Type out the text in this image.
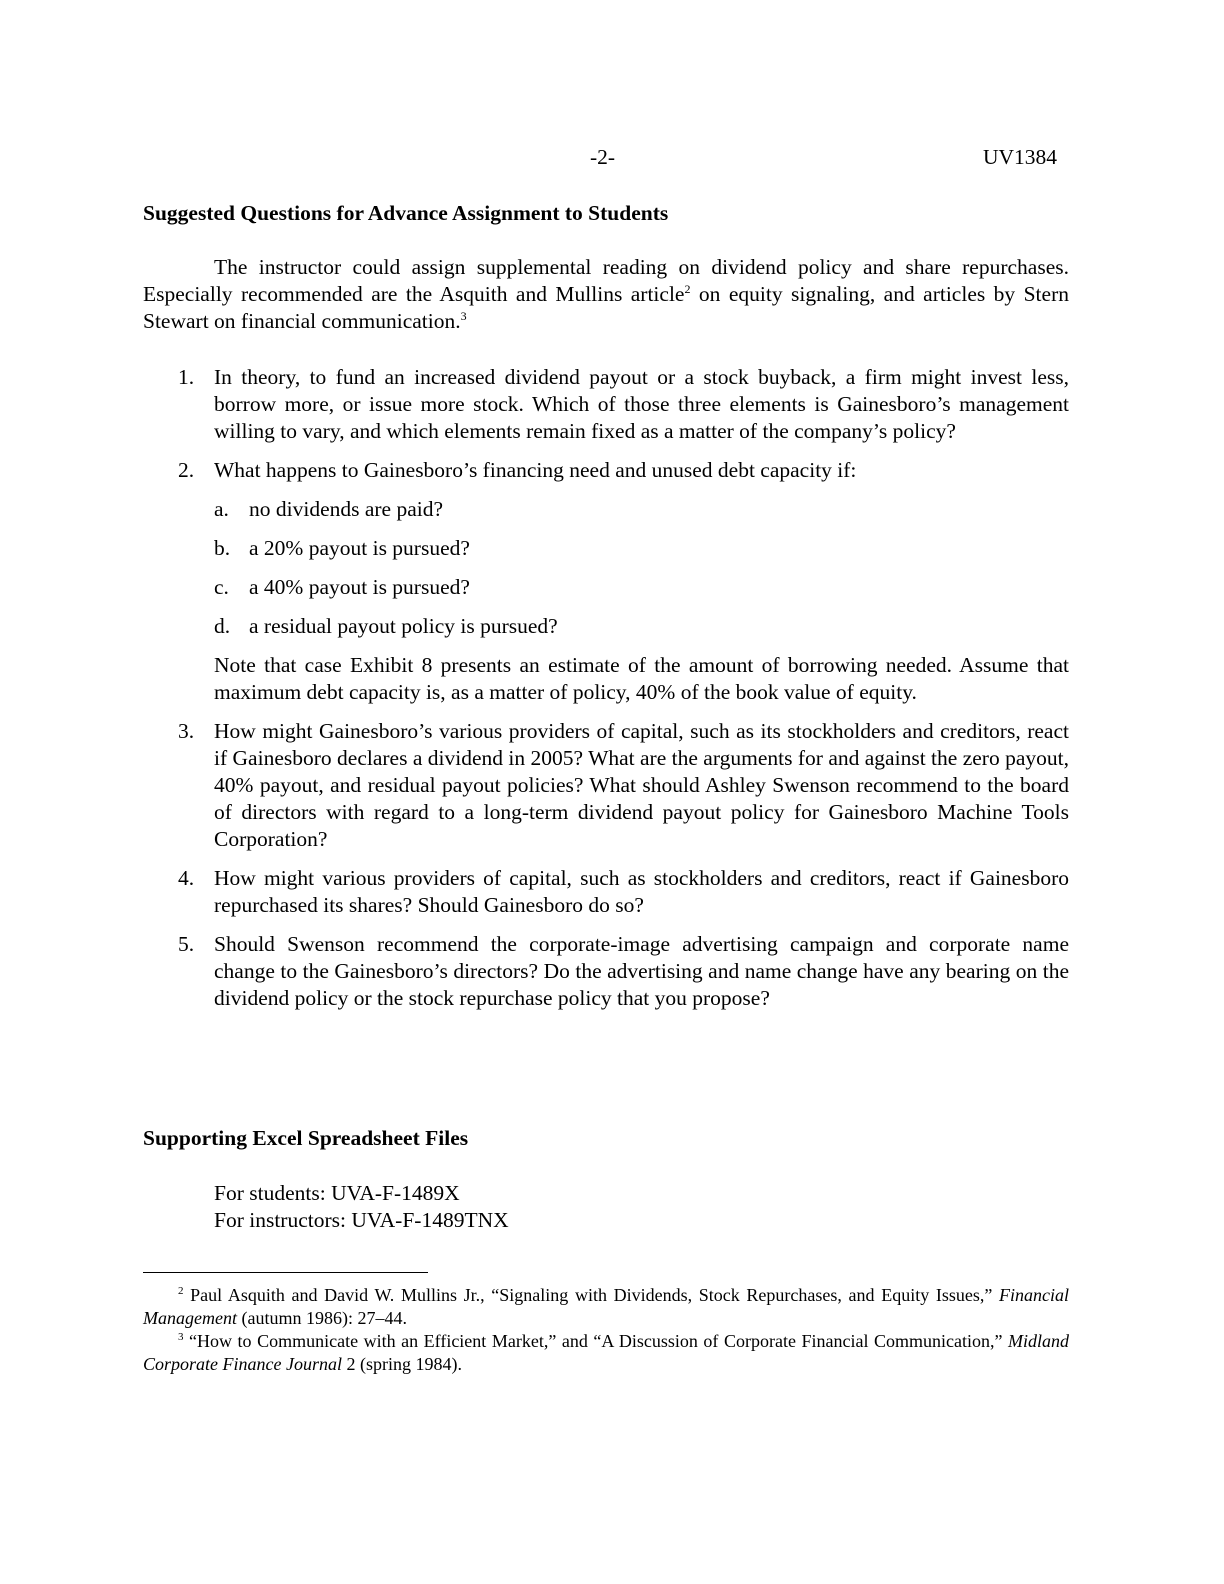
-2-	UV1384
Suggested Questions for Advance Assignment to Students
The instructor could assign supplemental reading on dividend policy and share repurchases. Especially recommended are the Asquith and Mullins article$^2$ on equity signaling, and articles by Stern Stewart on financial communication.$^3$
1. In theory, to fund an increased dividend payout or a stock buyback, a firm might invest less, borrow more, or issue more stock. Which of those three elements is Gainesboro’s management willing to vary, and which elements remain fixed as a matter of the company’s policy?
2. What happens to Gainesboro’s financing need and unused debt capacity if:
a. no dividends are paid?
b. a 20% payout is pursued?
c. a 40% payout is pursued?
d. a residual payout policy is pursued?
Note that case Exhibit 8 presents an estimate of the amount of borrowing needed. Assume that maximum debt capacity is, as a matter of policy, 40% of the book value of equity.
3. How might Gainesboro’s various providers of capital, such as its stockholders and creditors, react if Gainesboro declares a dividend in 2005? What are the arguments for and against the zero payout, 40% payout, and residual payout policies? What should Ashley Swenson recommend to the board of directors with regard to a long-term dividend payout policy for Gainesboro Machine Tools Corporation?
4. How might various providers of capital, such as stockholders and creditors, react if Gainesboro repurchased its shares? Should Gainesboro do so?
5. Should Swenson recommend the corporate-image advertising campaign and corporate name change to the Gainesboro’s directors? Do the advertising and name change have any bearing on the dividend policy or the stock repurchase policy that you propose?
Supporting Excel Spreadsheet Files
For students: UVA-F-1489X
For instructors: UVA-F-1489TNX

$^2$ Paul Asquith and David W. Mullins Jr., “Signaling with Dividends, Stock Repurchases, and Equity Issues,” Financial Management (autumn 1986): 27–44.

$^3$ “How to Communicate with an Efficient Market,” and “A Discussion of Corporate Financial Communication,” Midland Corporate Finance Journal 2 (spring 1984).
